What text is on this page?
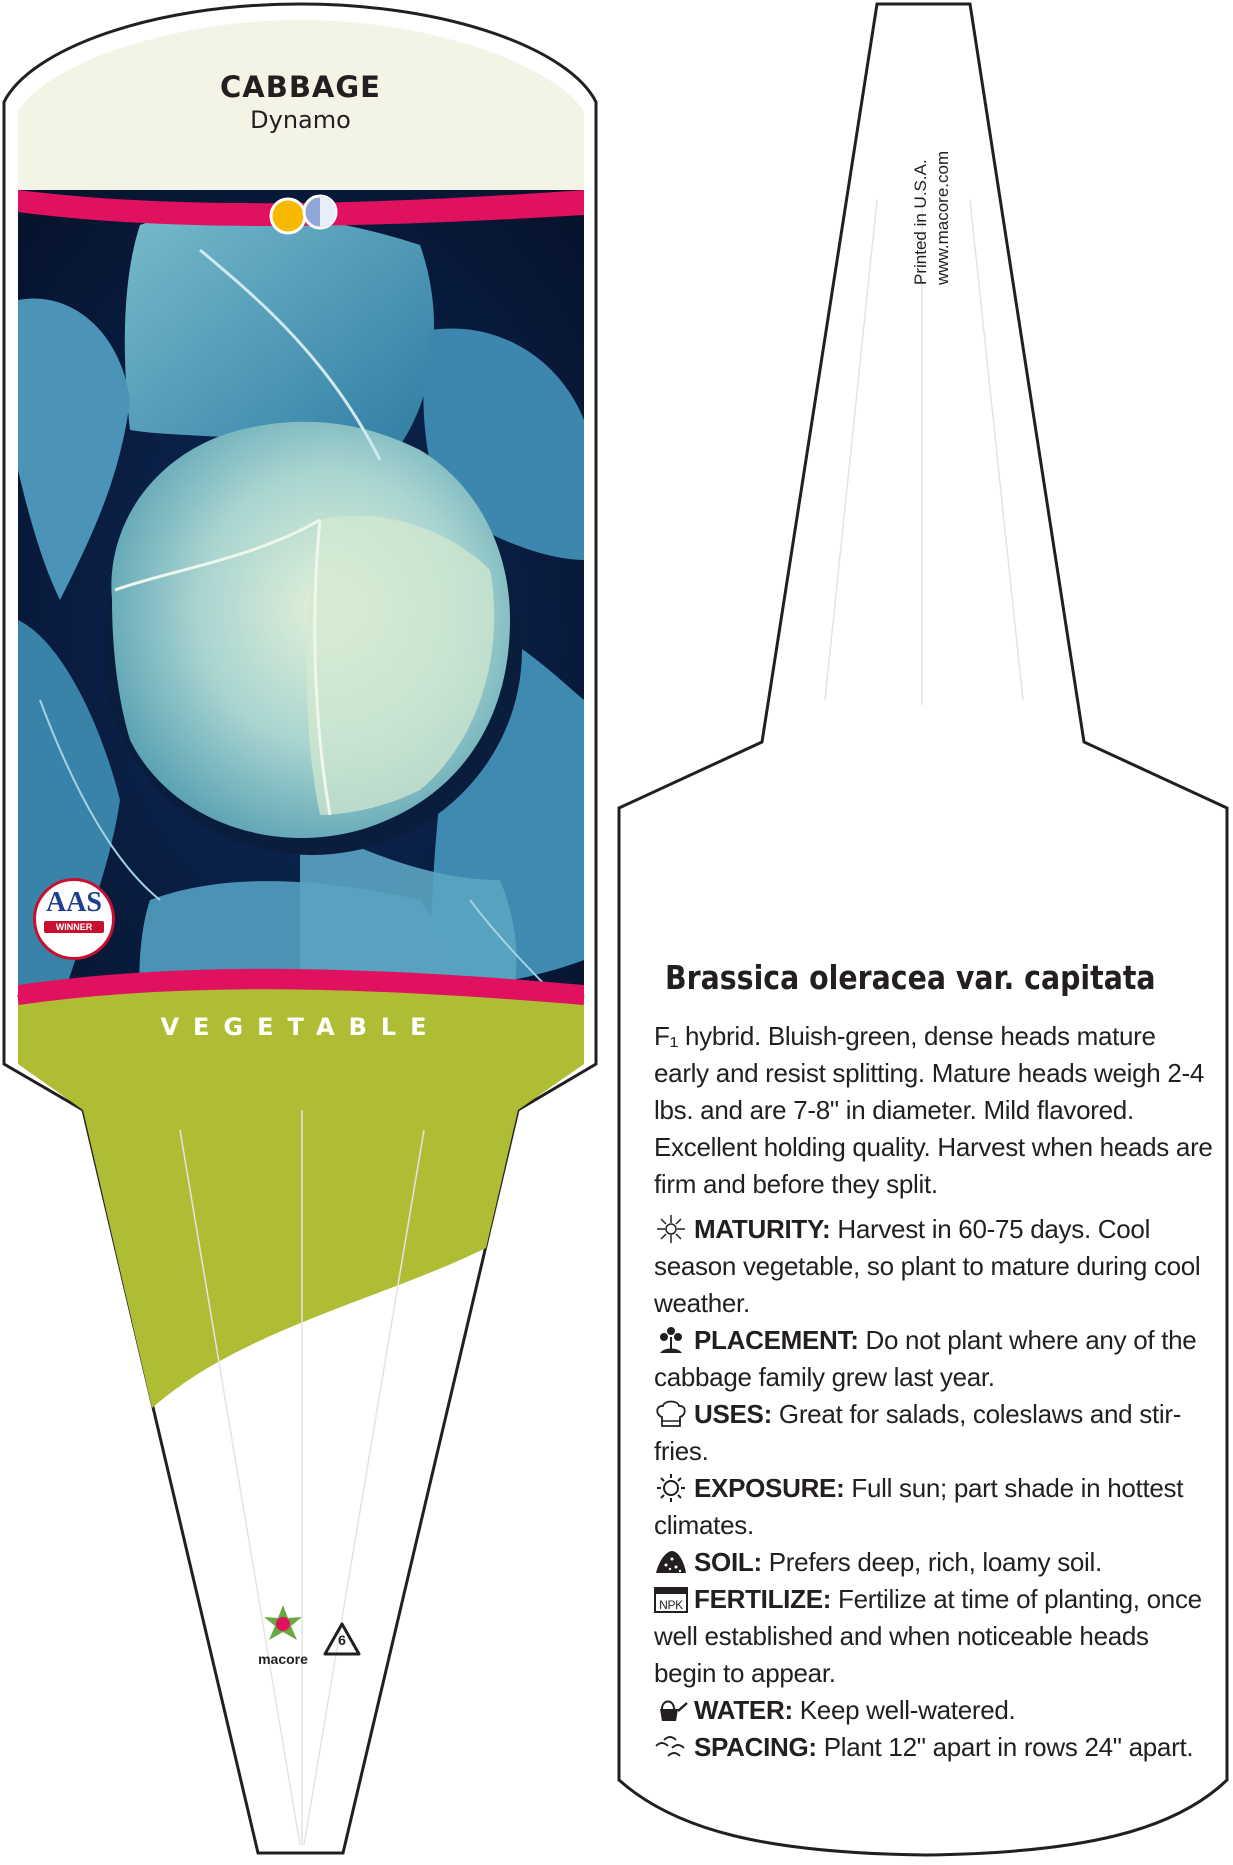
CABBAGE
Dynamo
AAS
WINNER
VEGETABLE
macore
6
Printed in U.S.A. www.macore.com
Brassica oleracea var. capitata

F₁ hybrid. Bluish-green, dense heads mature early and resist splitting. Mature heads weigh 2-4 lbs. and are 7-8" in diameter. Mild flavored. Excellent holding quality. Harvest when heads are firm and before they split.

MATURITY: Harvest in 60-75 days. Cool season vegetable, so plant to mature during cool weather.

PLACEMENT: Do not plant where any of the cabbage family grew last year.

USES: Great for salads, coleslaws and stir-fries.

EXPOSURE: Full sun; part shade in hottest climates.

SOIL: Prefers deep, rich, loamy soil.

NPK FERTILIZE: Fertilize at time of planting, once well established and when noticeable heads begin to appear.

WATER: Keep well-watered.

SPACING: Plant 12" apart in rows 24" apart.
